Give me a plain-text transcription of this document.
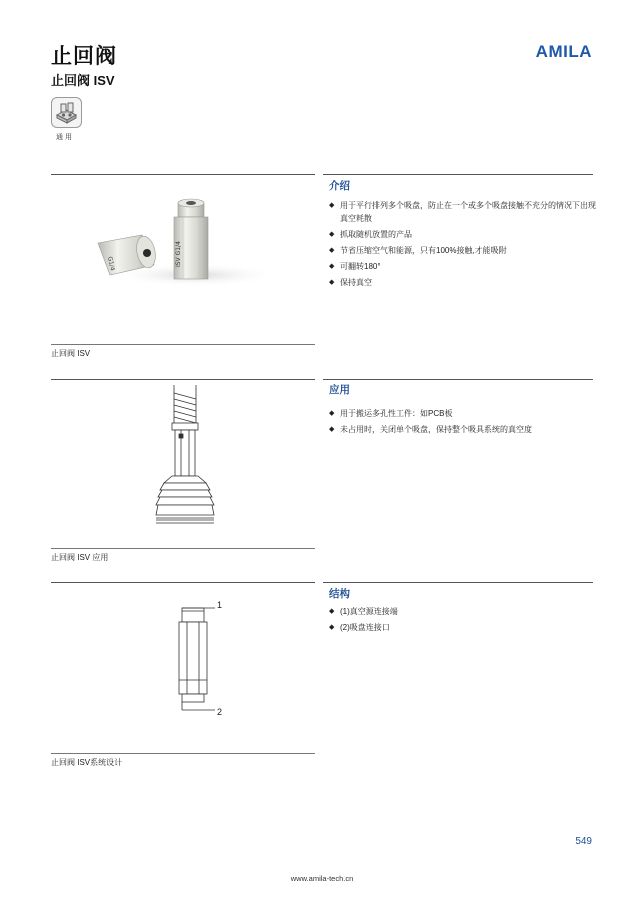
止回阀
止回阀 ISV
AMILA
通用
G1/4	ISV G1/4
止回阀 ISV
介绍
◆ 用于平行排列多个吸盘，防止在一个或多个吸盘接触不充分的情况下出现真空耗散
◆ 抓取随机放置的产品
◆ 节省压缩空气和能源，只有100%接触,才能吸附
◆ 可翻转180°
◆ 保持真空
止回阀 ISV 应用
应用
◆ 用于搬运多孔性工件：如PCB板
◆ 未占用时，关闭单个吸盘，保持整个吸具系统的真空度
1
2
止回阀 ISV系统设计
结构
◆ (1)真空源连接端
◆ (2)吸盘连接口
549
www.amila-tech.cn
